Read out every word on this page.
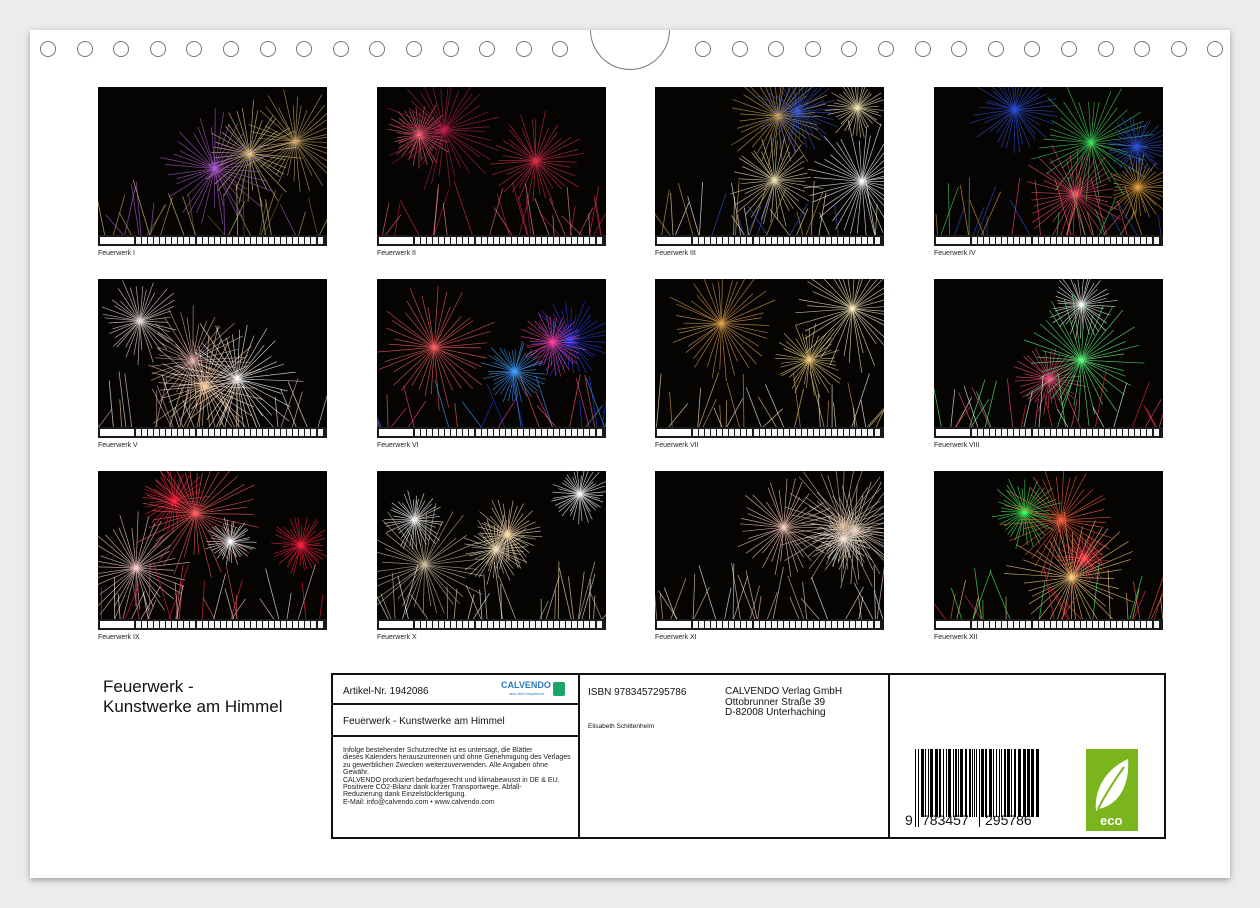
Feuerwerk I	Feuerwerk II	Feuerwerk III	Feuerwerk IV
Feuerwerk V	Feuerwerk VI	Feuerwerk VII	Feuerwerk VIII
Feuerwerk IX	Feuerwerk X	Feuerwerk XI	Feuerwerk XII
Feuerwerk -
Kunstwerke am Himmel
Artikel-Nr. 1942086
CALVENDO
lass dich inspirieren
Feuerwerk - Kunstwerke am Himmel
Infolge bestehender Schutzrechte ist es untersagt, die Blätter
dieses Kalenders herauszutrennen und ohne Genehmigung des Verlages
zu gewerblichen Zwecken weiterzuverwenden. Alle Angaben ohne
Gewähr.
CALVENDO produziert bedarfsgerecht und klimabewusst in DE & EU.
Positivere CO2-Bilanz dank kurzer Transportwege. Abfall-
Reduzierung dank Einzelstückfertigung.
E-Mail: info@calvendo.com • www.calvendo.com
ISBN 9783457295786
Elisabeth Schittenhelm
CALVENDO Verlag GmbH
Ottobrunner Straße 39
D-82008 Unterhaching
9 783457 295786	eco
